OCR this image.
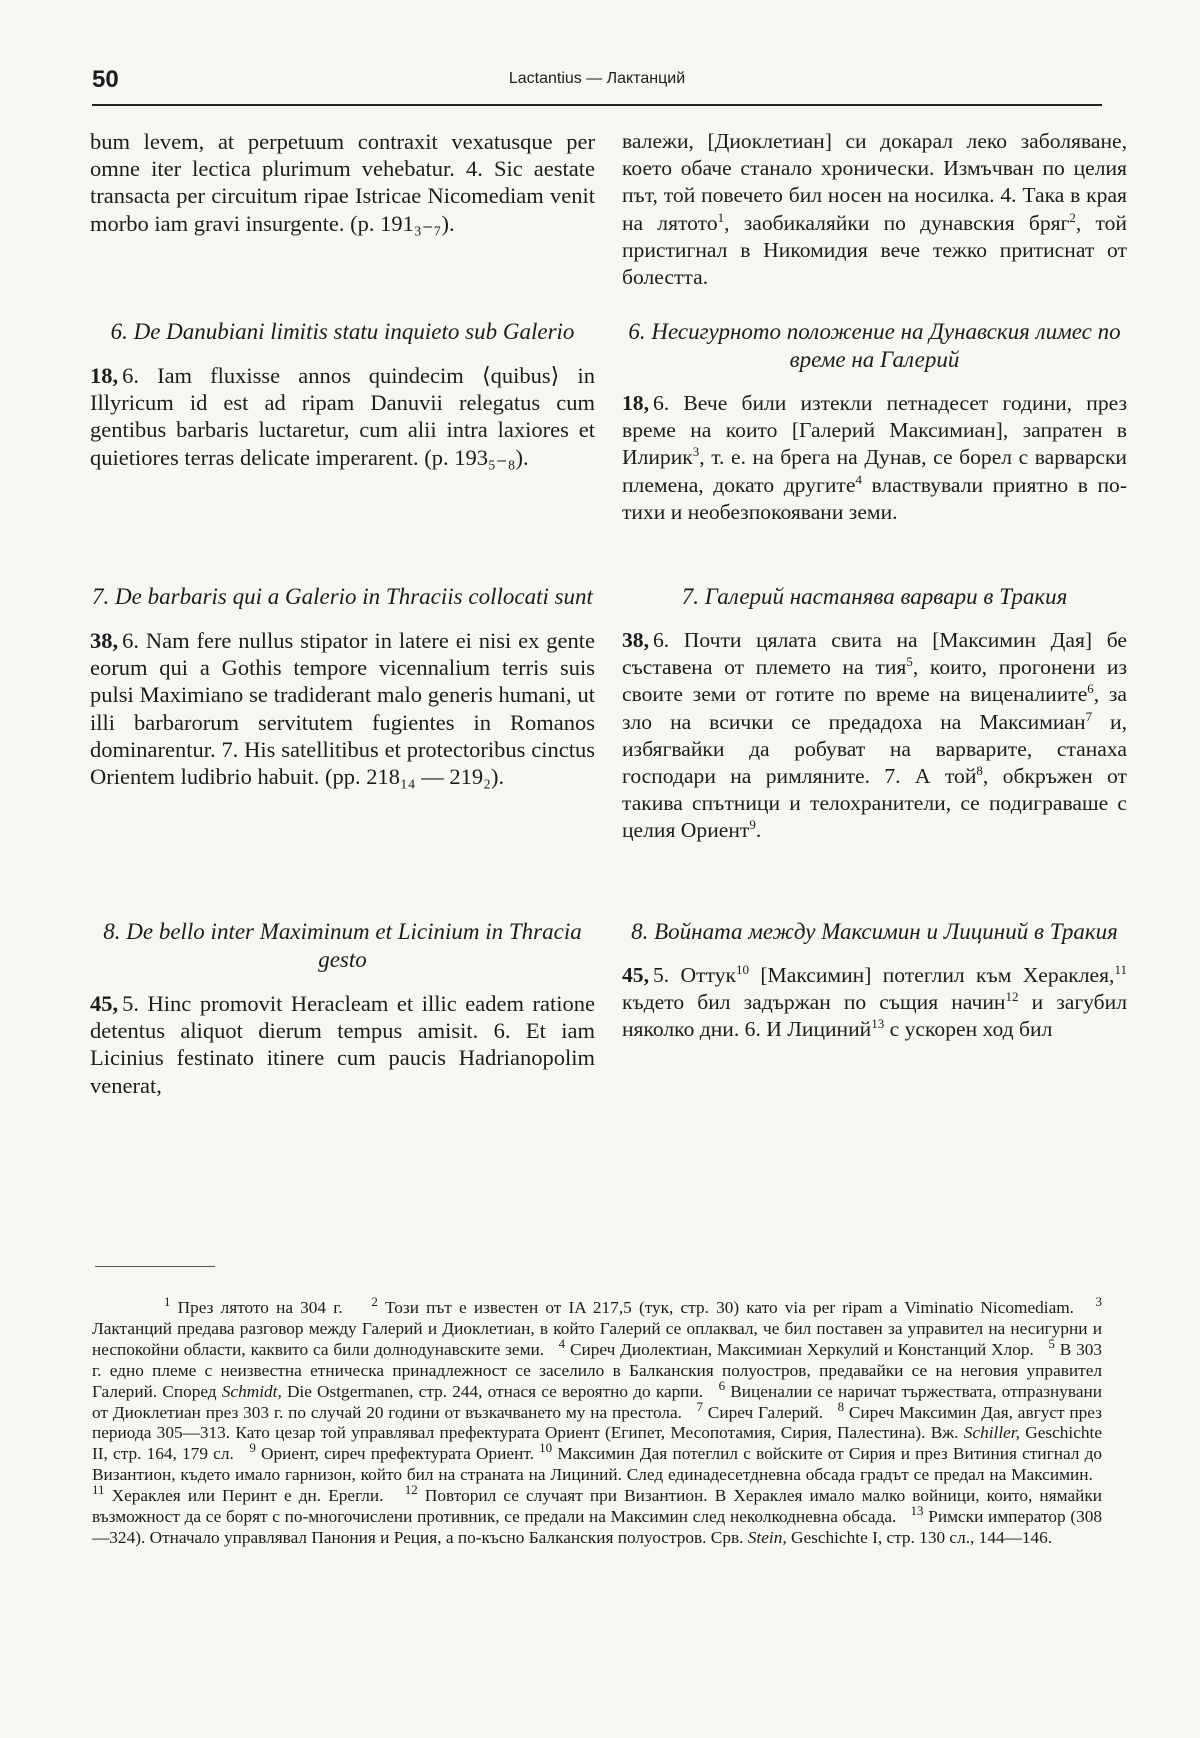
50	Lactantius — Лактанций

bum levem, at perpetuum contraxit vexatusque per omne iter lectica plurimum vehebatur. 4. Sic aestate transacta per circuitum ripae Istricae Nicomediam venit morbo iam gravi insurgente. (p. 191₃₋₇).

6. De Danubiani limitis statu inquieto sub Galerio

18, 6. Iam fluxisse annos quindecim ⟨quibus⟩ in Illyricum id est ad ripam Danuvii relegatus cum gentibus barbaris luctaretur, cum alii intra laxiores et quietiores terras delicate imperarent. (p. 193₅₋₈).

7. De barbaris qui a Galerio in Thraciis collocati sunt

38, 6. Nam fere nullus stipator in latere ei nisi ex gente eorum qui a Gothis tempore vicennalium terris suis pulsi Maximiano se tradiderant malo generis humani, ut illi barbarorum servitutem fugientes in Romanos dominarentur. 7. His satellitibus et protectoribus cinctus Orientem ludibrio habuit. (pp. 218₁₄ — 219₂).

8. De bello inter Maximinum et Licinium in Thracia gesto

45, 5. Hinc promovit Heracleam et illic eadem ratione detentus aliquot dierum tempus amisit. 6. Et iam Licinius festinato itinere cum paucis Hadrianopolim venerat,

валежи, [Диоклетиан] си докарал леко заболяване, което обаче станало хронически. Измъчван по целия път, той повечето бил носен на носилка. 4. Така в края на лятото$^1$, заобикаляйки по дунавския бряг$^2$, той пристигнал в Никомидия вече тежко притиснат от болестта.

6. Несигурното положение на Дунавския лимес по време на Галерий

18, 6. Вече били изтекли петнадесет години, през време на които [Галерий Максимиан], запратен в Илирик$^3$, т. е. на брега на Дунав, се борел с варварски племена, докато другите$^4$ властвували приятно в по-тихи и необезпокоявани земи.

7. Галерий настанява варвари в Тракия

38, 6. Почти цялата свита на [Максимин Дая] бе съставена от племето на тия$^5$, които, прогонени из своите земи от готите по време на виценалиите$^6$, за зло на всички се предадоха на Максимиан$^7$ и, избягвайки да робуват на варварите, станаха господари на римляните. 7. А той$^8$, обкръжен от такива спътници и телохранители, се подиграваше с целия Ориент$^9$.

8. Войната между Максимин и Лициний в Тракия

45, 5. Оттук$^{10}$ [Максимин] потеглил към Хераклея,$^{11}$ където бил задържан по същия начин$^{12}$ и загубил няколко дни. 6. И Лициний$^{13}$ с ускорен ход бил

$^1$ През лятото на 304 г. $^2$ Този път е известен от IA 217,5 (тук, стр. 30) като via per ripam a Viminatio Nicomediam. $^3$ Лактанций предава разговор между Галерий и Диоклетиан, в който Галерий се оплаквал, че бил поставен за управител на несигурни и неспокойни области, каквито са били долнодунавските земи. $^4$ Сиреч Диолектиан, Максимиан Херкулий и Констанций Хлор. $^5$ В 303 г. едно племе с неизвестна етническа принадлежност се заселило в Балканския полуостров, предавайки се на неговия управител Галерий. Според Schmidt, Die Ostgermanen, стр. 244, отнася се вероятно до карпи. $^6$ Виценалии се наричат тържествата, отпразнувани от Диоклетиан през 303 г. по случай 20 години от възкачването му на престола. $^7$ Сиреч Галерий. $^8$ Сиреч Максимин Дая, август през периода 305—313. Като цезар той управлявал префектурата Ориент (Египет, Месопотамия, Сирия, Палестина). Вж. Schiller, Geschichte II, стр. 164, 179 сл. $^9$ Ориент, сиреч префектурата Ориент. $^{10}$ Максимин Дая потеглил с войските от Сирия и през Витиния стигнал до Византион, където имало гарнизон, който бил на страната на Лициний. След единадесетдневна обсада градът се предал на Максимин.   $^{11}$ Хераклея или Перинт е дн. Ерегли. $^{12}$ Повторил се случаят при Византион. В Хераклея имало малко войници, които, нямайки възможност да се борят с по-многочислени противник, се предали на Максимин след неколкодневна обсада. $^{13}$ Римски император (308—324). Отначало управлявал Панония и Реция, а по-късно Балканския полуостров. Срв. Stein, Geschichte I, стр. 130 сл., 144—146.
